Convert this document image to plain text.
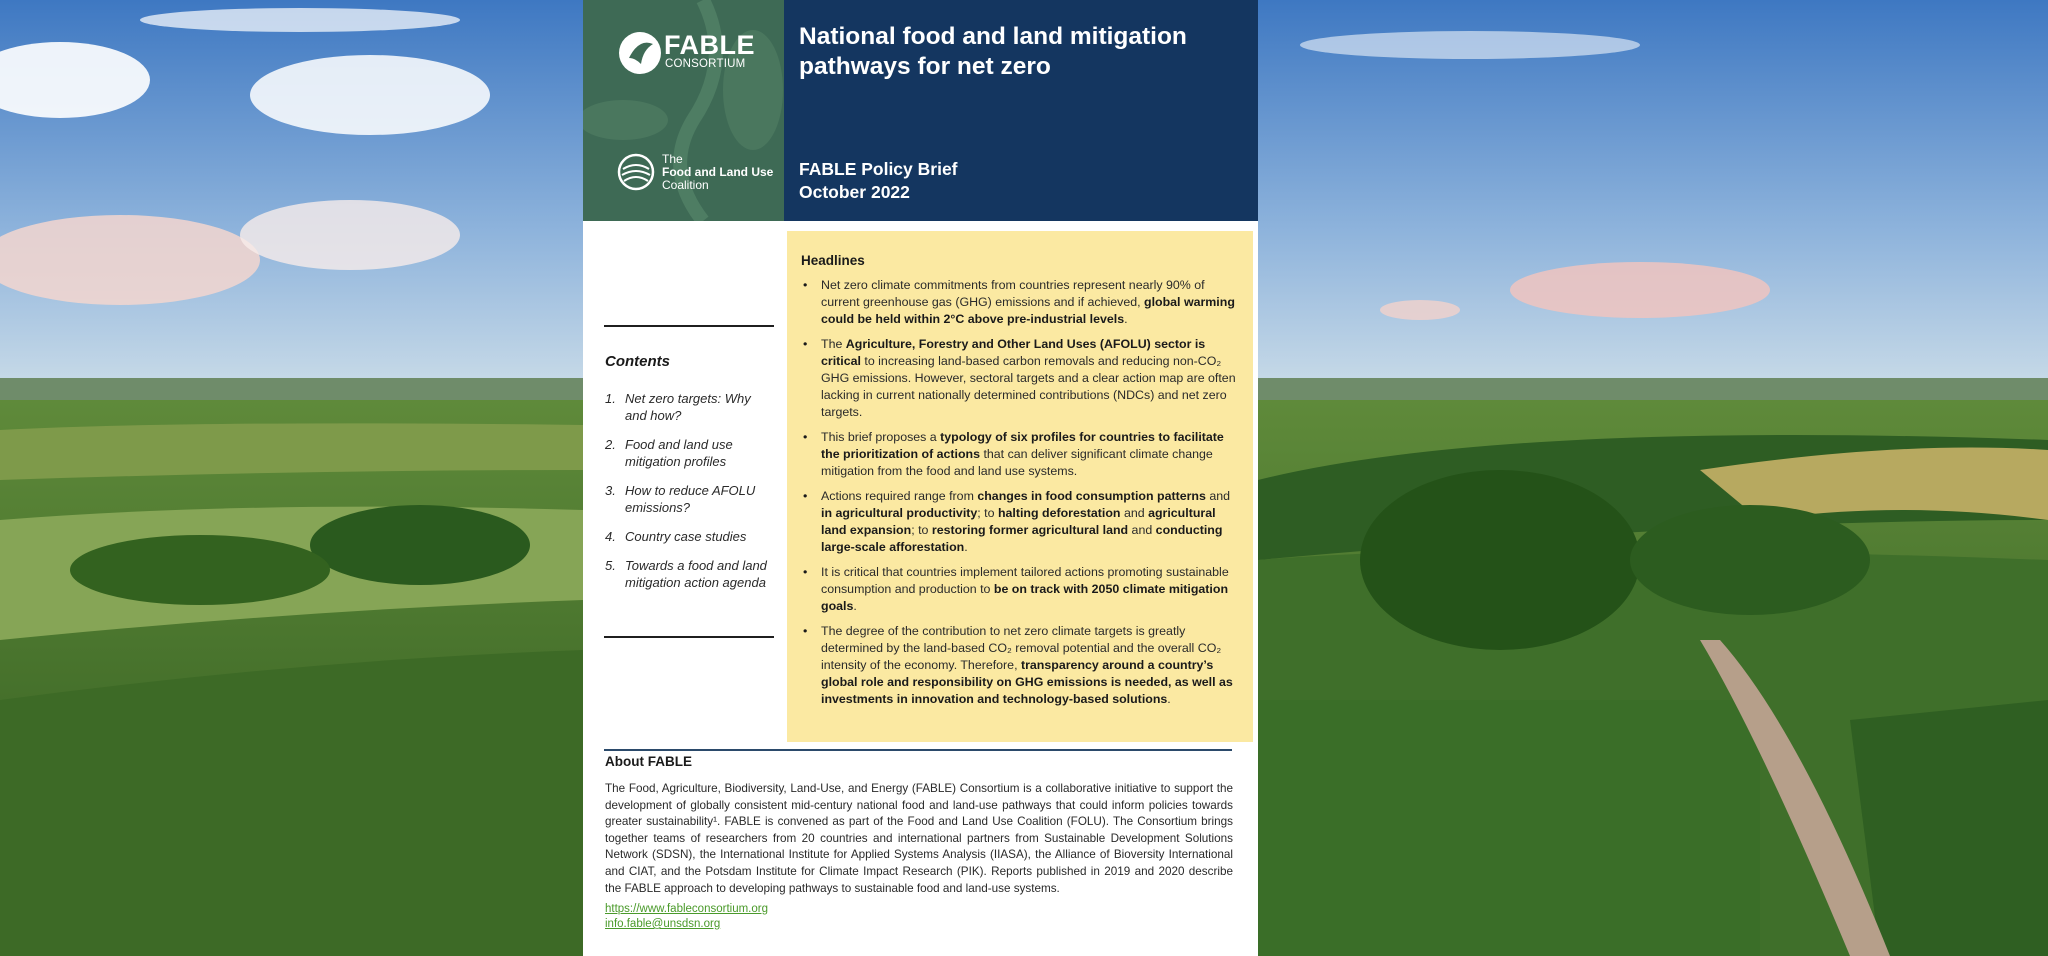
FABLE
CONSORTIUM
The
Food and Land Use
Coalition
National food and land mitigation pathways for net zero
FABLE Policy Brief
October 2022
Contents
1. Net zero targets: Why and how?
2. Food and land use mitigation profiles
3. How to reduce AFOLU emissions?
4. Country case studies
5. Towards a food and land mitigation action agenda
Headlines
• Net zero climate commitments from countries represent nearly 90% of current greenhouse gas (GHG) emissions and if achieved, global warming could be held within 2°C above pre-industrial levels.
• The Agriculture, Forestry and Other Land Uses (AFOLU) sector is critical to increasing land-based carbon removals and reducing non-CO₂ GHG emissions. However, sectoral targets and a clear action map are often lacking in current nationally determined contributions (NDCs) and net zero targets.
• This brief proposes a typology of six profiles for countries to facilitate the prioritization of actions that can deliver significant climate change mitigation from the food and land use systems.
• Actions required range from changes in food consumption patterns and in agricultural productivity; to halting deforestation and agricultural land expansion; to restoring former agricultural land and conducting large-scale afforestation.
• It is critical that countries implement tailored actions promoting sustainable consumption and production to be on track with 2050 climate mitigation goals.
• The degree of the contribution to net zero climate targets is greatly determined by the land-based CO₂ removal potential and the overall CO₂ intensity of the economy. Therefore, transparency around a country’s global role and responsibility on GHG emissions is needed, as well as investments in innovation and technology-based solutions.
About FABLE
The Food, Agriculture, Biodiversity, Land-Use, and Energy (FABLE) Consortium is a collaborative initiative to support the development of globally consistent mid-century national food and land-use pathways that could inform policies towards greater sustainability¹. FABLE is convened as part of the Food and Land Use Coalition (FOLU). The Consortium brings together teams of researchers from 20 countries and international partners from Sustainable Development Solutions Network (SDSN), the International Institute for Applied Systems Analysis (IIASA), the Alliance of Bioversity International and CIAT, and the Potsdam Institute for Climate Impact Research (PIK). Reports published in 2019 and 2020 describe the FABLE approach to developing pathways to sustainable food and land-use systems.
https://www.fableconsortium.org
info.fable@unsdsn.org
